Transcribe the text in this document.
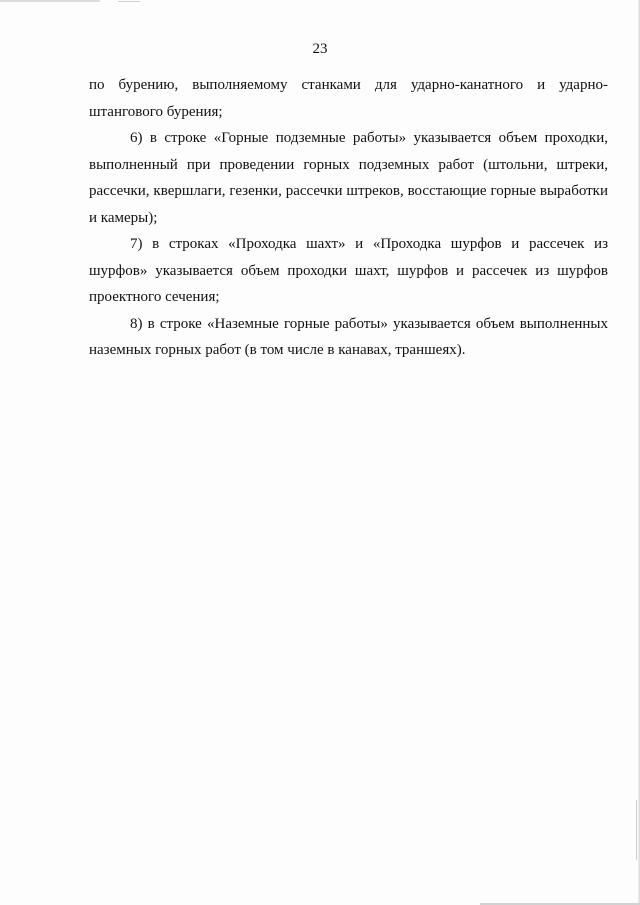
23

по бурению, выполняемому станками для ударно-канатного и ударно-штангового бурения;

6) в строке «Горные подземные работы» указывается объем проходки, выполненный при проведении горных подземных работ (штольни, штреки, рассечки, квершлаги, гезенки, рассечки штреков, восстающие горные выработки и камеры);

7) в строках «Проходка шахт» и «Проходка шурфов и рассечек из шурфов» указывается объем проходки шахт, шурфов и рассечек из шурфов проектного сечения;

8) в строке «Наземные горные работы» указывается объем выполненных наземных горных работ (в том числе в канавах, траншеях).
